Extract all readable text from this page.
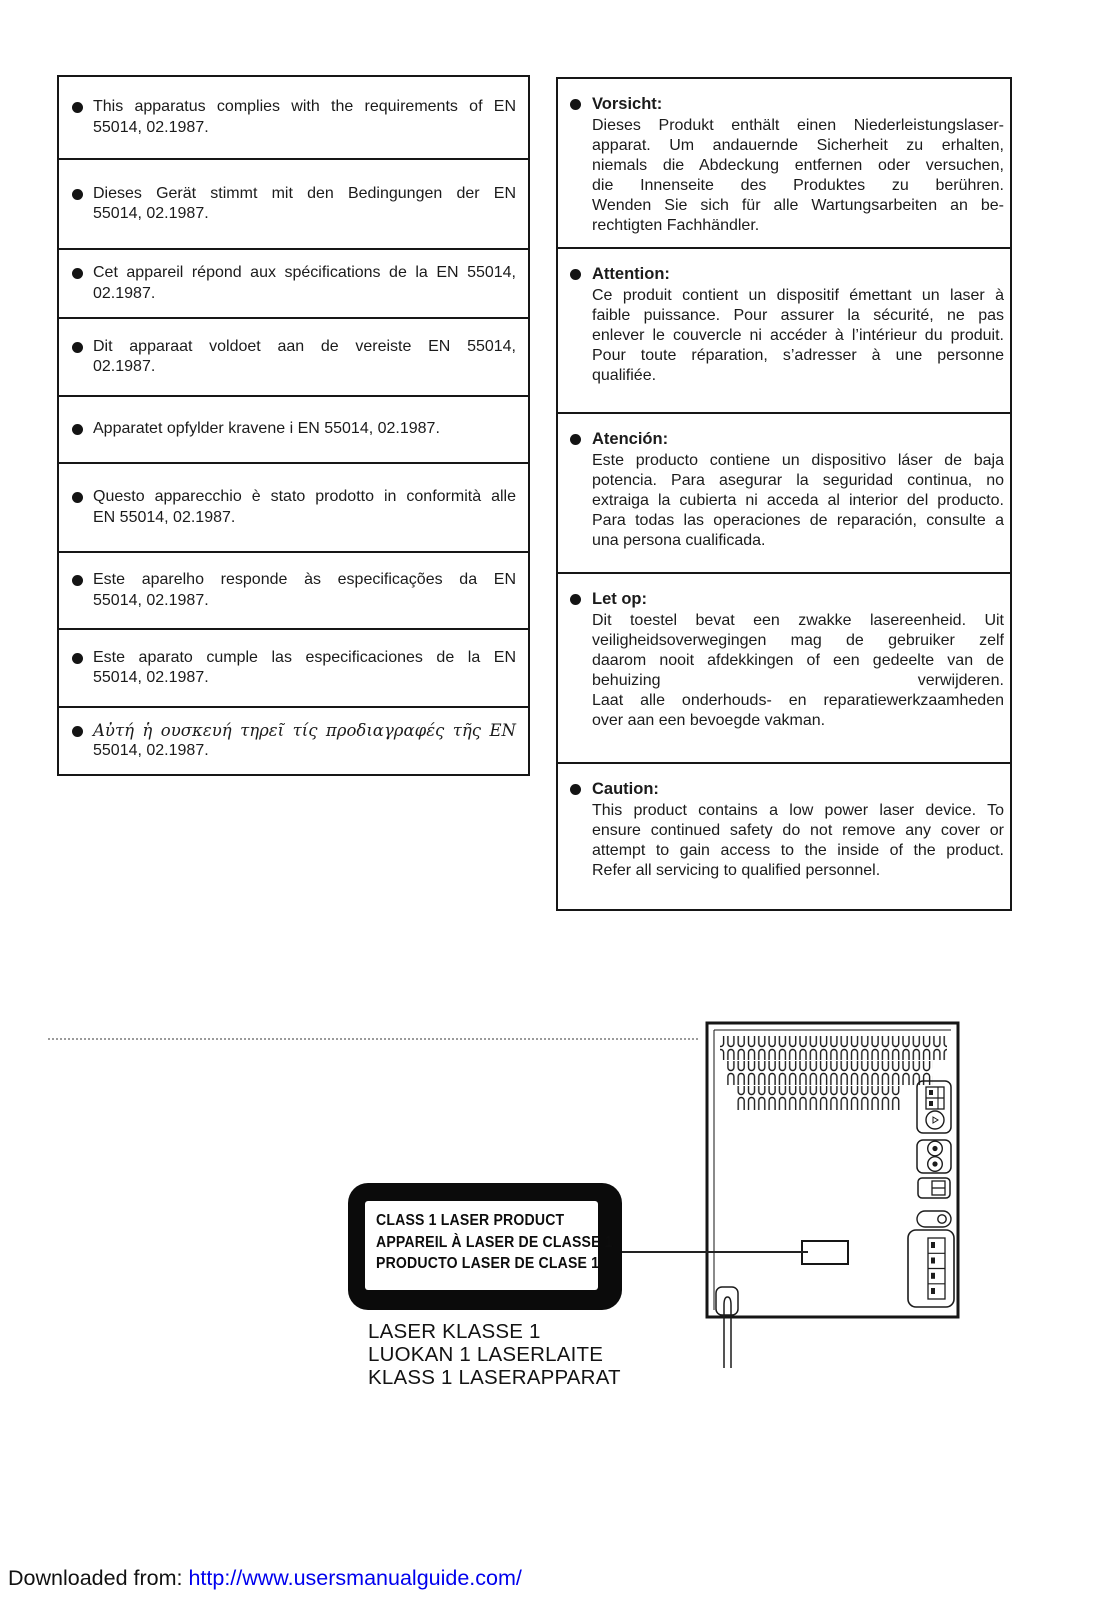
This apparatus complies with the requirements of EN
55014, 02.1987.
Dieses Gerät stimmt mit den Bedingungen der EN
55014, 02.1987.
Cet appareil répond aux spécifications de la EN 55014,
02.1987.
Dit apparaat voldoet aan de vereiste EN 55014,
02.1987.
Apparatet opfylder kravene i EN 55014, 02.1987.
Questo apparecchio è stato prodotto in conformità alle
EN 55014, 02.1987.
Este aparelho responde às especificações da EN
55014, 02.1987.
Este aparato cumple las especificaciones de la EN
55014, 02.1987.
Αὐτή ἡ ουσκευή τηρεῖ τίς προδιαγραφές τῆς EN
55014, 02.1987.
Vorsicht:
Dieses Produkt enthält einen Niederleistungslaser-
apparat. Um andauernde Sicherheit zu erhalten,
niemals die Abdeckung entfernen oder versuchen,
die Innenseite des Produktes zu berühren.
Wenden Sie sich für alle Wartungsarbeiten an be-
rechtigten Fachhändler.
Attention:
Ce produit contient un dispositif émettant un laser à
faible puissance. Pour assurer la sécurité, ne pas
enlever le couvercle ni accéder à l’intérieur du produit.
Pour toute réparation, s’adresser à une personne
qualifiée.
Atención:
Este producto contiene un dispositivo láser de baja
potencia. Para asegurar la seguridad continua, no
extraiga la cubierta ni acceda al interior del producto.
Para todas las operaciones de reparación, consulte a
una persona cualificada.
Let op:
Dit toestel bevat een zwakke lasereenheid. Uit
veiligheidsoverwegingen mag de gebruiker zelf
daarom nooit afdekkingen of een gedeelte van de
behuizing verwijderen.
Laat alle onderhouds- en reparatiewerkzaamheden
over aan een bevoegde vakman.
Caution:
This product contains a low power laser device. To
ensure continued safety do not remove any cover or
attempt to gain access to the inside of the product.
Refer all servicing to qualified personnel.
CLASS 1 LASER PRODUCT
APPAREIL À LASER DE CLASSE 1
PRODUCTO LASER DE CLASE 1
LASER KLASSE 1
LUOKAN 1 LASERLAITE
KLASS 1 LASERAPPARAT
Downloaded from: http://www.usersmanualguide.com/
